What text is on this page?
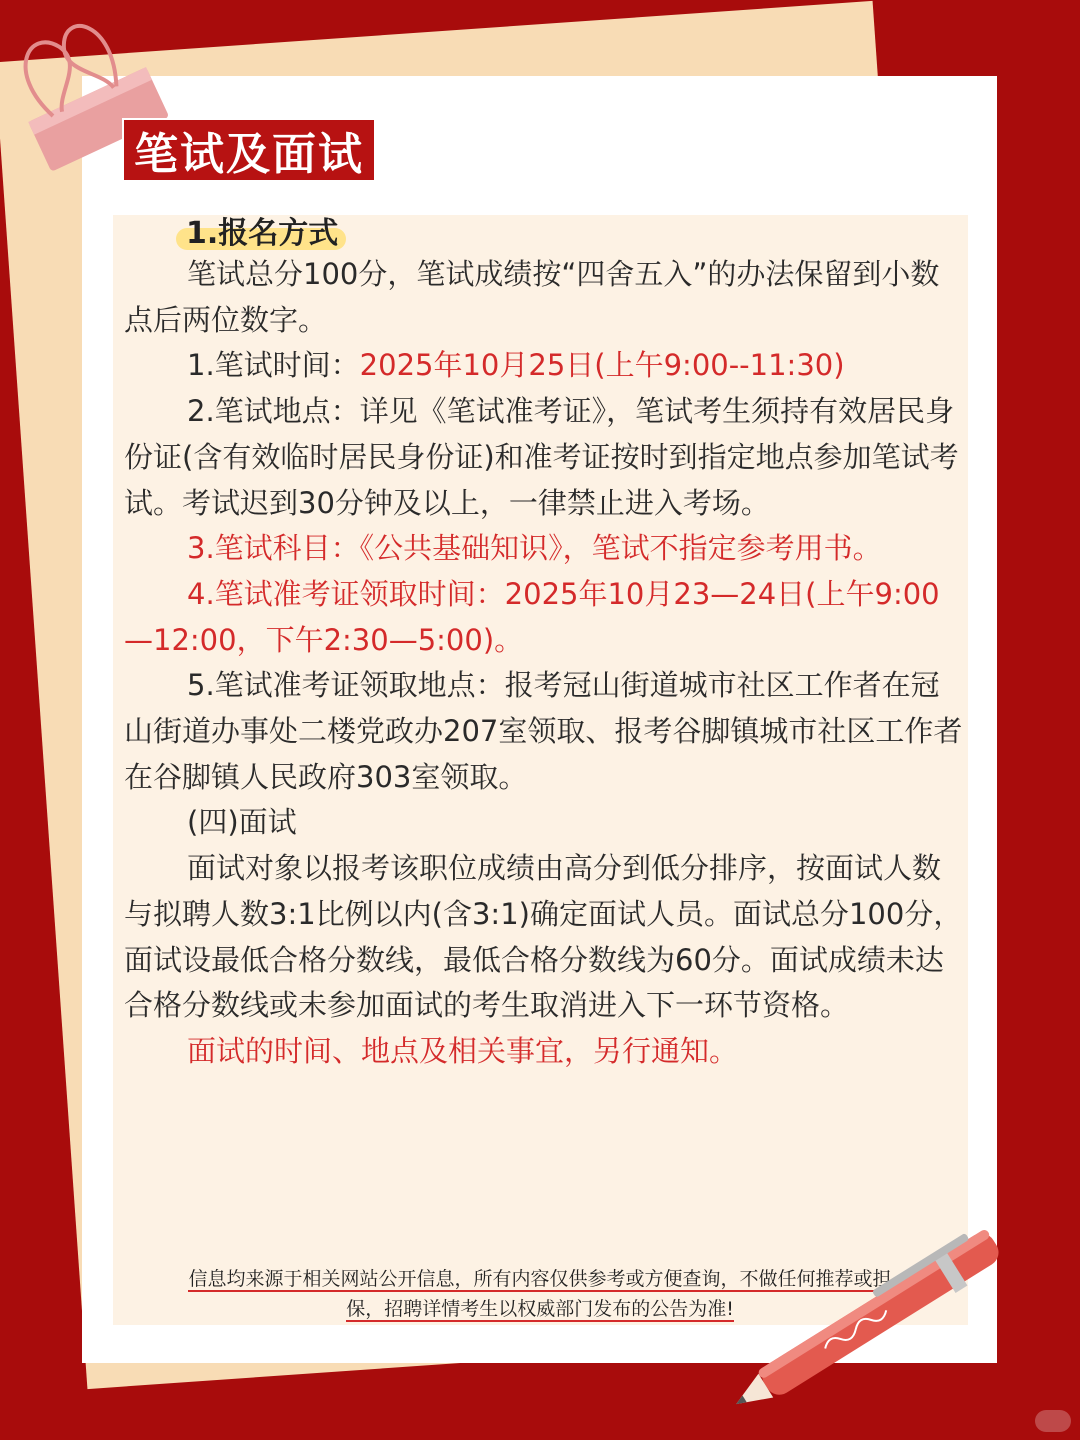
笔试及面试
1.报名方式

笔试总分100分，笔试成绩按“四舍五入”的办法保留到小数点后两位数字。

1.笔试时间：2025年10月25日(上午9:00--11:30)

2.笔试地点：详见《笔试准考证》，笔试考生须持有效居民身份证(含有效临时居民身份证)和准考证按时到指定地点参加笔试考试。考试迟到30分钟及以上，一律禁止进入考场。

3.笔试科目：《公共基础知识》，笔试不指定参考用书。

4.笔试准考证领取时间：2025年10月23—24日(上午9:00—12:00，下午2:30—5:00)。

5.笔试准考证领取地点：报考冠山街道城市社区工作者在冠山街道办事处二楼党政办207室领取、报考谷脚镇城市社区工作者在谷脚镇人民政府303室领取。

(四)面试

面试对象以报考该职位成绩由高分到低分排序，按面试人数与拟聘人数3:1比例以内(含3:1)确定面试人员。面试总分100分，面试设最低合格分数线，最低合格分数线为60分。面试成绩未达合格分数线或未参加面试的考生取消进入下一环节资格。

面试的时间、地点及相关事宜，另行通知。

信息均来源于相关网站公开信息，所有内容仅供参考或方便查询，不做任何推荐或担
保，招聘详情考生以权威部门发布的公告为准!
